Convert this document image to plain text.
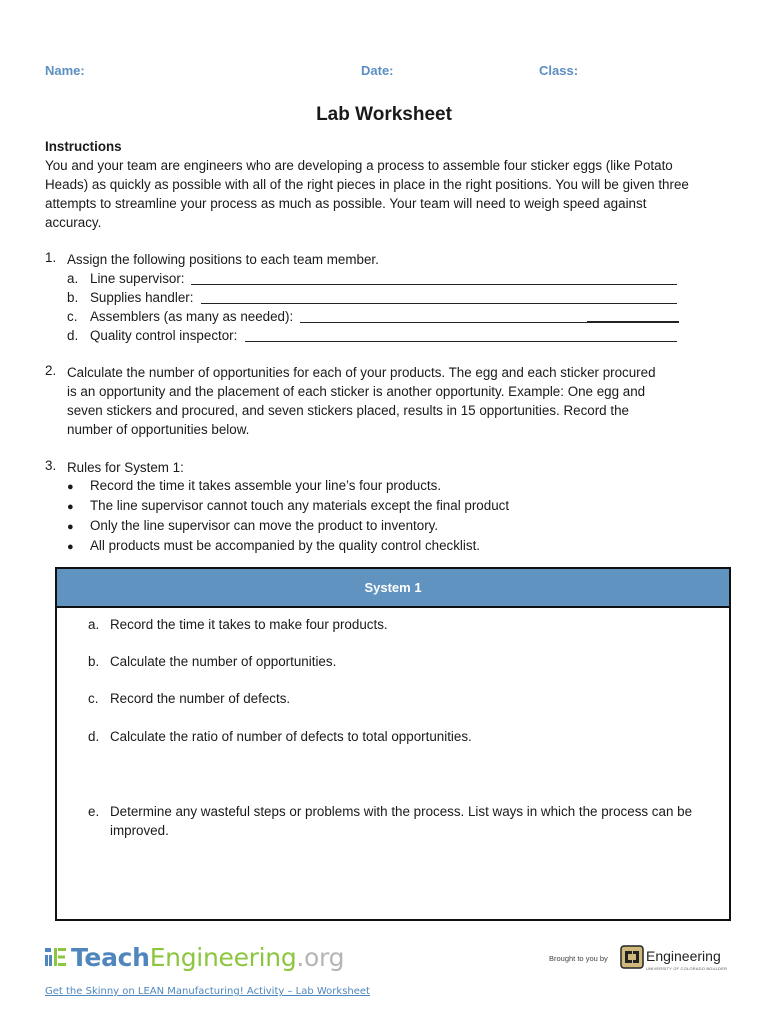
Name:	Date:	Class:
Lab Worksheet
Instructions
You and your team are engineers who are developing a process to assemble four sticker eggs (like Potato
Heads) as quickly as possible with all of the right pieces in place in the right positions. You will be given three
attempts to streamline your process as much as possible. Your team will need to weigh speed against
accuracy.
1. Assign the following positions to each team member.
a. Line supervisor:
b. Supplies handler:
c. Assemblers (as many as needed):
d. Quality control inspector:
2. Calculate the number of opportunities for each of your products. The egg and each sticker procured
is an opportunity and the placement of each sticker is another opportunity. Example: One egg and
seven stickers and procured, and seven stickers placed, results in 15 opportunities. Record the
number of opportunities below.
3. Rules for System 1:
● Record the time it takes assemble your line’s four products.
● The line supervisor cannot touch any materials except the final product
● Only the line supervisor can move the product to inventory.
● All products must be accompanied by the quality control checklist.
System 1
a. Record the time it takes to make four products.
b. Calculate the number of opportunities.
c. Record the number of defects.
d. Calculate the ratio of number of defects to total opportunities.
e. Determine any wasteful steps or problems with the process. List ways in which the process can be improved.
TeachEngineering.org
Get the Skinny on LEAN Manufacturing! Activity – Lab Worksheet
Brought to you by	Engineering
UNIVERSITY OF COLORADO BOULDER
